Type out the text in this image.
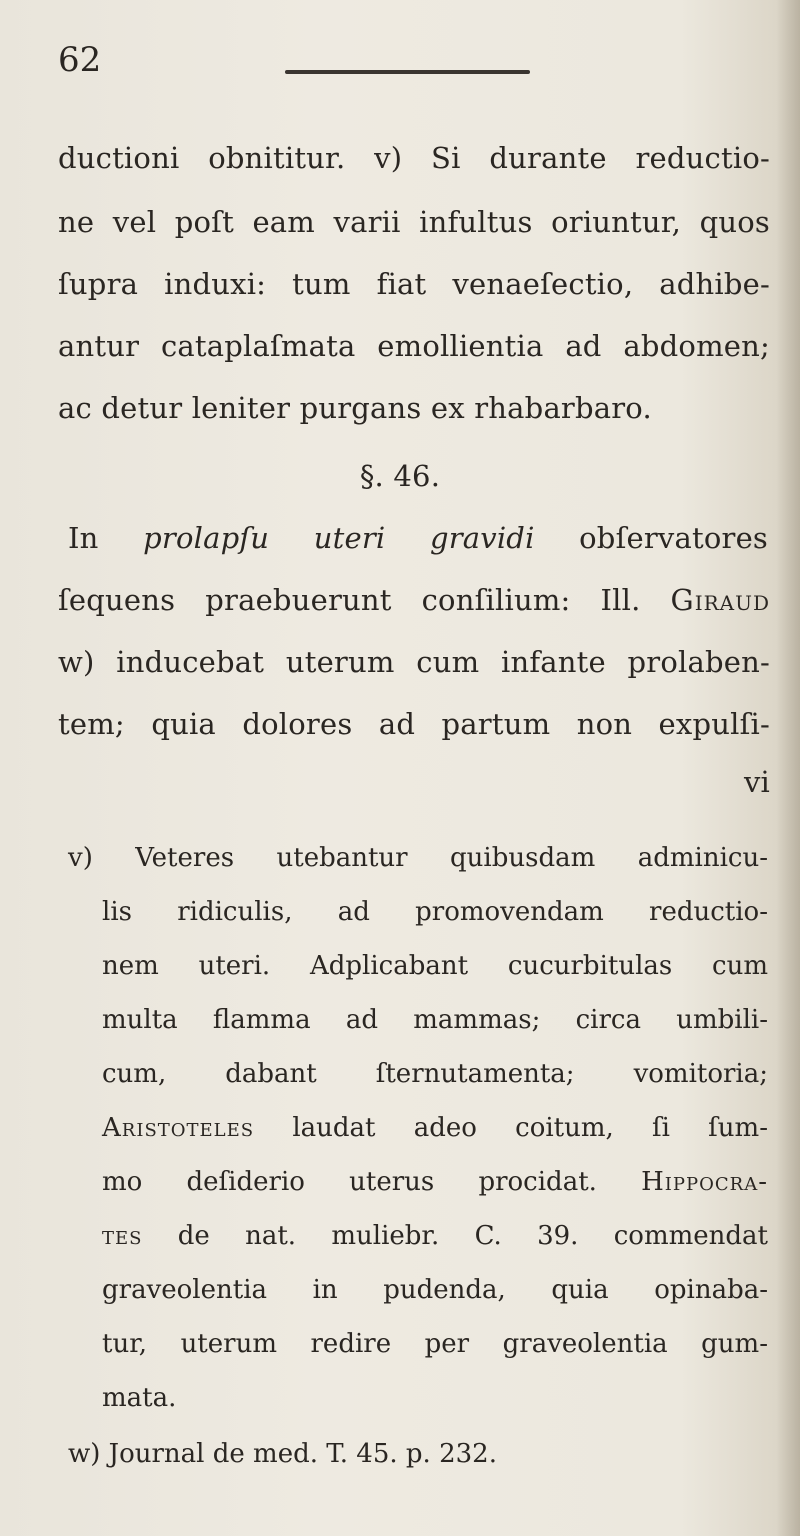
62
ductioni obnititur. v) Si durante reductio-
ne vel poſt eam varii infultus oriuntur, quos
ſupra induxi: tum fiat venaeſectio, adhibe-
antur cataplaſmata emollientia ad abdomen;
ac detur leniter purgans ex rhabarbaro.
§. 46.
In prolapſu uteri gravidi obſervatores
ſequens praebuerunt conſilium: Ill. Giraud
w) inducebat uterum cum infante prolaben-
tem; quia dolores ad partum non expulſi-
vi
v) Veteres utebantur quibusdam adminicu-
lis ridiculis, ad promovendam reductio-
nem uteri. Adplicabant cucurbitulas cum
multa flamma ad mammas; circa umbili-
cum, dabant ſternutamenta; vomitoria;
Aristoteles laudat adeo coitum, ſi ſum-
mo deſiderio uterus procidat. Hippocra-
tes de nat. muliebr. C. 39. commendat
graveolentia in pudenda, quia opinaba-
tur, uterum redire per graveolentia gum-
mata.
w) Journal de med. T. 45. p. 232.
